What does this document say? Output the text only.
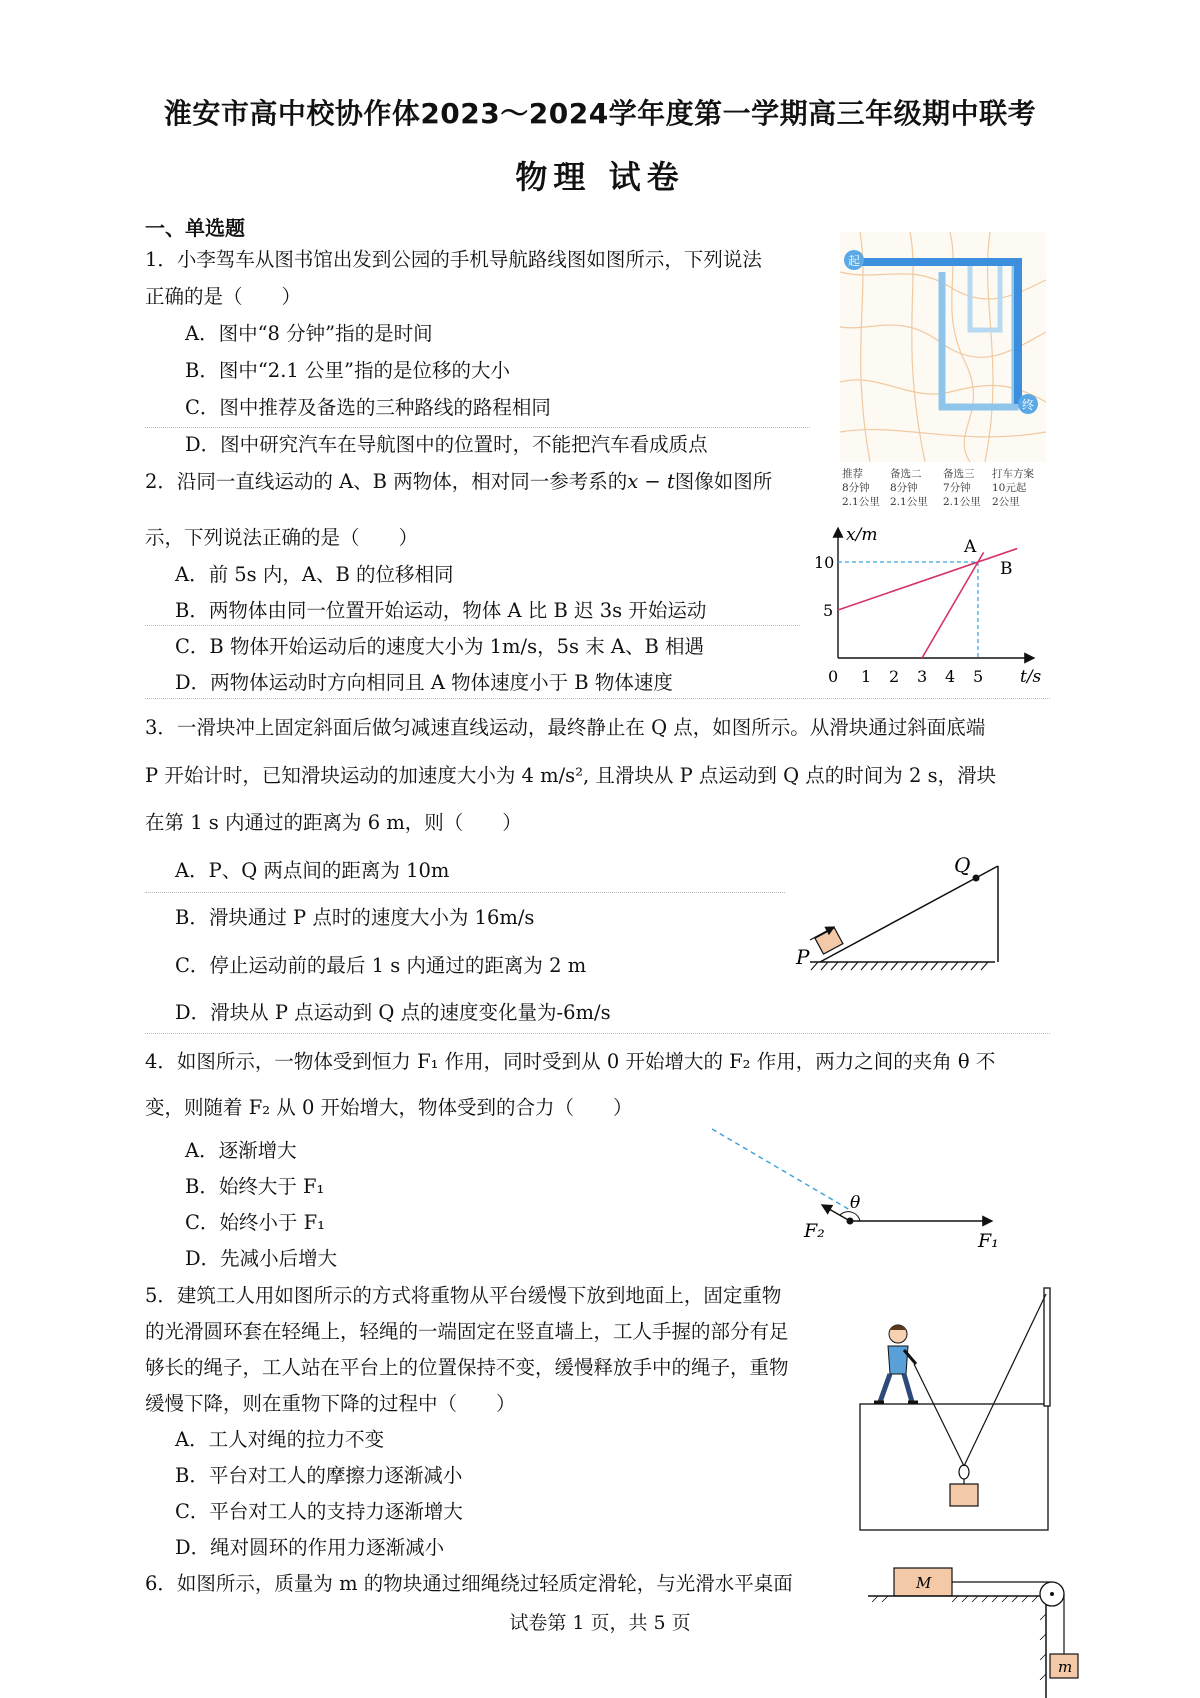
淮安市高中校协作体2023～2024学年度第一学期高三年级期中联考
物理 试卷
一、单选题
1．小李驾车从图书馆出发到公园的手机导航路线图如图所示，下列说法
正确的是（　　）
A．图中“8 分钟”指的是时间
B．图中“2.1 公里”指的是位移的大小
C．图中推荐及备选的三种路线的路程相同
D．图中研究汽车在导航图中的位置时，不能把汽车看成质点
起
终
推荐
8分钟
2.1公里
备选二
8分钟
2.1公里
备选三
7分钟
2.1公里
打车方案
10元起
2公里
2．沿同一直线运动的 A、B 两物体，相对同一参考系的x − t图像如图所
示，下列说法正确的是（　　）
A．前 5s 内，A、B 的位移相同
B．两物体由同一位置开始运动，物体 A 比 B 迟 3s 开始运动
C．B 物体开始运动后的速度大小为 1m/s，5s 末 A、B 相遇
D．两物体运动时方向相同且 A 物体速度小于 B 物体速度
x/m
t/s
0 1 2 3 4 5
10
5
A
B
3．一滑块冲上固定斜面后做匀减速直线运动，最终静止在 Q 点，如图所示。从滑块通过斜面底端
P 开始计时，已知滑块运动的加速度大小为 4 m/s², 且滑块从 P 点运动到 Q 点的时间为 2 s，滑块
在第 1 s 内通过的距离为 6 m，则（　　）
A．P、Q 两点间的距离为 10m
B．滑块通过 P 点时的速度大小为 16m/s
C．停止运动前的最后 1 s 内通过的距离为 2 m
D．滑块从 P 点运动到 Q 点的速度变化量为-6m/s
P
Q
4．如图所示，一物体受到恒力 F₁ 作用，同时受到从 0 开始增大的 F₂ 作用，两力之间的夹角 θ 不
变，则随着 F₂ 从 0 开始增大，物体受到的合力（　　）
A．逐渐增大
B．始终大于 F₁
C．始终小于 F₁
D．先减小后增大
θ
F₂	F₁
5．建筑工人用如图所示的方式将重物从平台缓慢下放到地面上，固定重物
的光滑圆环套在轻绳上，轻绳的一端固定在竖直墙上，工人手握的部分有足
够长的绳子，工人站在平台上的位置保持不变，缓慢释放手中的绳子，重物
缓慢下降，则在重物下降的过程中（　　）
A．工人对绳的拉力不变
B．平台对工人的摩擦力逐渐减小
C．平台对工人的支持力逐渐增大
D．绳对圆环的作用力逐渐减小
6．如图所示，质量为 m 的物块通过细绳绕过轻质定滑轮，与光滑水平桌面	M
m
试卷第 1 页，共 5 页
